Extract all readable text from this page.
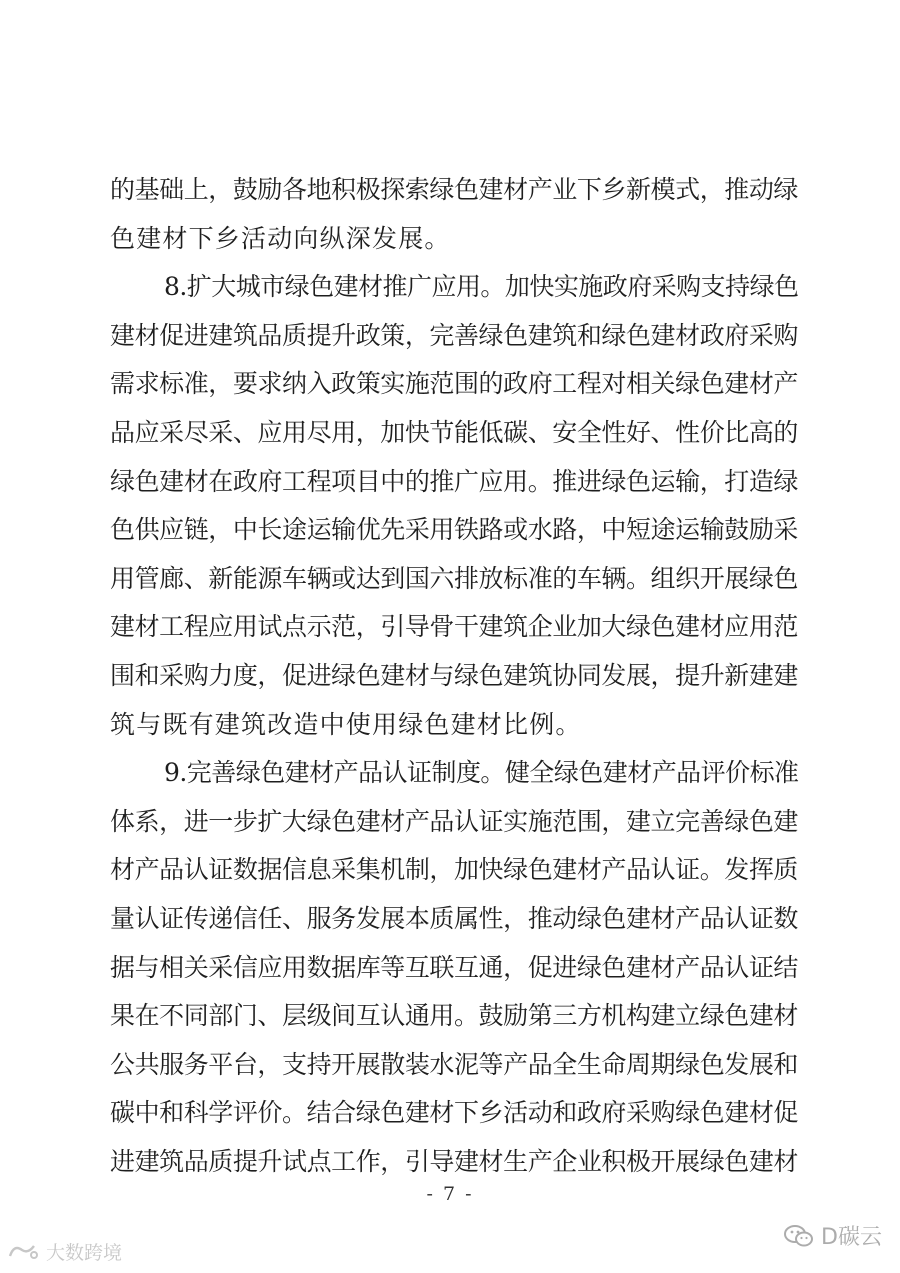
的基础上，鼓励各地积极探索绿色建材产业下乡新模式，推动绿
色建材下乡活动向纵深发展。
8.扩大城市绿色建材推广应用。加快实施政府采购支持绿色
建材促进建筑品质提升政策，完善绿色建筑和绿色建材政府采购
需求标准，要求纳入政策实施范围的政府工程对相关绿色建材产
品应采尽采、应用尽用，加快节能低碳、安全性好、性价比高的
绿色建材在政府工程项目中的推广应用。推进绿色运输，打造绿
色供应链，中长途运输优先采用铁路或水路，中短途运输鼓励采
用管廊、新能源车辆或达到国六排放标准的车辆。组织开展绿色
建材工程应用试点示范，引导骨干建筑企业加大绿色建材应用范
围和采购力度，促进绿色建材与绿色建筑协同发展，提升新建建
筑与既有建筑改造中使用绿色建材比例。
9.完善绿色建材产品认证制度。健全绿色建材产品评价标准
体系，进一步扩大绿色建材产品认证实施范围，建立完善绿色建
材产品认证数据信息采集机制，加快绿色建材产品认证。发挥质
量认证传递信任、服务发展本质属性，推动绿色建材产品认证数
据与相关采信应用数据库等互联互通，促进绿色建材产品认证结
果在不同部门、层级间互认通用。鼓励第三方机构建立绿色建材
公共服务平台，支持开展散装水泥等产品全生命周期绿色发展和
碳中和科学评价。结合绿色建材下乡活动和政府采购绿色建材促
进建筑品质提升试点工作，引导建材生产企业积极开展绿色建材
- 7 -
大数跨境
D碳云
